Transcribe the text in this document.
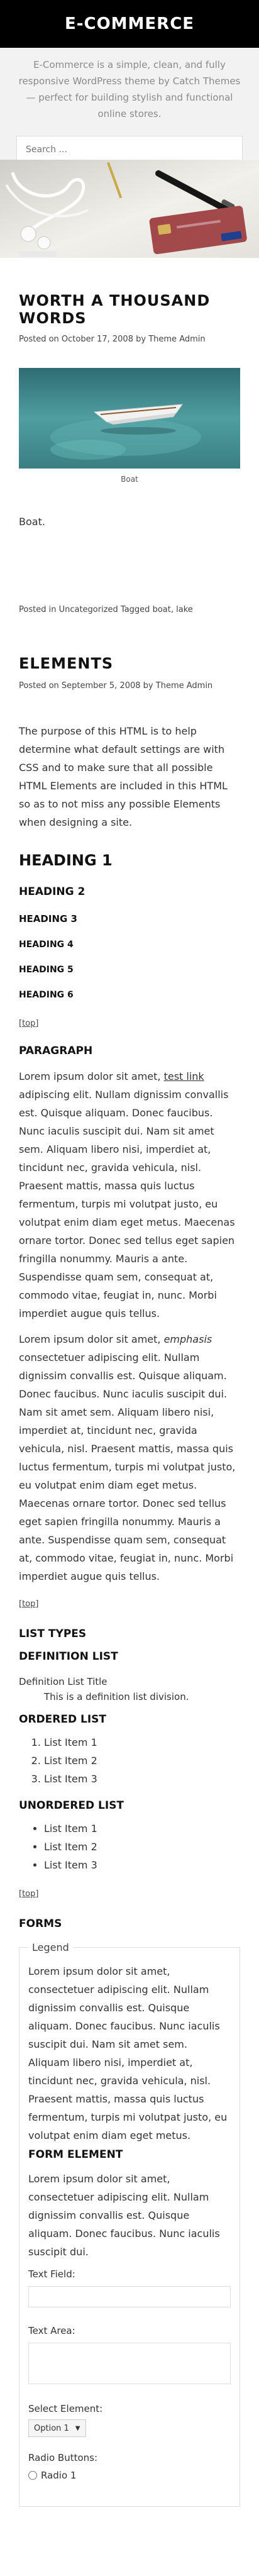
E-COMMERCE

E-Commerce is a simple, clean, and fully responsive WordPress theme by Catch Themes — perfect for building stylish and functional online stores.

Search ...
WORTH A THOUSAND WORDS
Posted on October 17, 2008 by Theme Admin
Boat

Boat.

Posted in Uncategorized Tagged boat, lake
ELEMENTS
Posted on September 5, 2008 by Theme Admin

The purpose of this HTML is to help determine what default settings are with CSS and to make sure that all possible HTML Elements are included in this HTML so as to not miss any possible Elements when designing a site.

HEADING 1
HEADING 2
HEADING 3
HEADING 4
HEADING 5
HEADING 6
[top]
PARAGRAPH

Lorem ipsum dolor sit amet, test link adipiscing elit. Nullam dignissim convallis est. Quisque aliquam. Donec faucibus. Nunc iaculis suscipit dui. Nam sit amet sem. Aliquam libero nisi, imperdiet at, tincidunt nec, gravida vehicula, nisl. Praesent mattis, massa quis luctus fermentum, turpis mi volutpat justo, eu volutpat enim diam eget metus. Maecenas ornare tortor. Donec sed tellus eget sapien fringilla nonummy. Mauris a ante. Suspendisse quam sem, consequat at, commodo vitae, feugiat in, nunc. Morbi imperdiet augue quis tellus.

Lorem ipsum dolor sit amet, emphasis consectetuer adipiscing elit. Nullam dignissim convallis est. Quisque aliquam. Donec faucibus. Nunc iaculis suscipit dui. Nam sit amet sem. Aliquam libero nisi, imperdiet at, tincidunt nec, gravida vehicula, nisl. Praesent mattis, massa quis luctus fermentum, turpis mi volutpat justo, eu volutpat enim diam eget metus. Maecenas ornare tortor. Donec sed tellus eget sapien fringilla nonummy. Mauris a ante. Suspendisse quam sem, consequat at, commodo vitae, feugiat in, nunc. Morbi imperdiet augue quis tellus.

[top]
LIST TYPES
DEFINITION LIST
Definition List Title
This is a definition list division.
ORDERED LIST
1. List Item 1
2. List Item 2
3. List Item 3
UNORDERED LIST
• List Item 1
• List Item 2
• List Item 3
[top]
FORMS
Legend

Lorem ipsum dolor sit amet, consectetuer adipiscing elit. Nullam dignissim convallis est. Quisque aliquam. Donec faucibus. Nunc iaculis suscipit dui. Nam sit amet sem. Aliquam libero nisi, imperdiet at, tincidunt nec, gravida vehicula, nisl. Praesent mattis, massa quis luctus fermentum, turpis mi volutpat justo, eu volutpat enim diam eget metus.

FORM ELEMENT

Lorem ipsum dolor sit amet, consectetuer adipiscing elit. Nullam dignissim convallis est. Quisque aliquam. Donec faucibus. Nunc iaculis suscipit dui.

Text Field:
Text Area:
Select Element:
Option 1 ▼
Radio Buttons:
Radio 1
